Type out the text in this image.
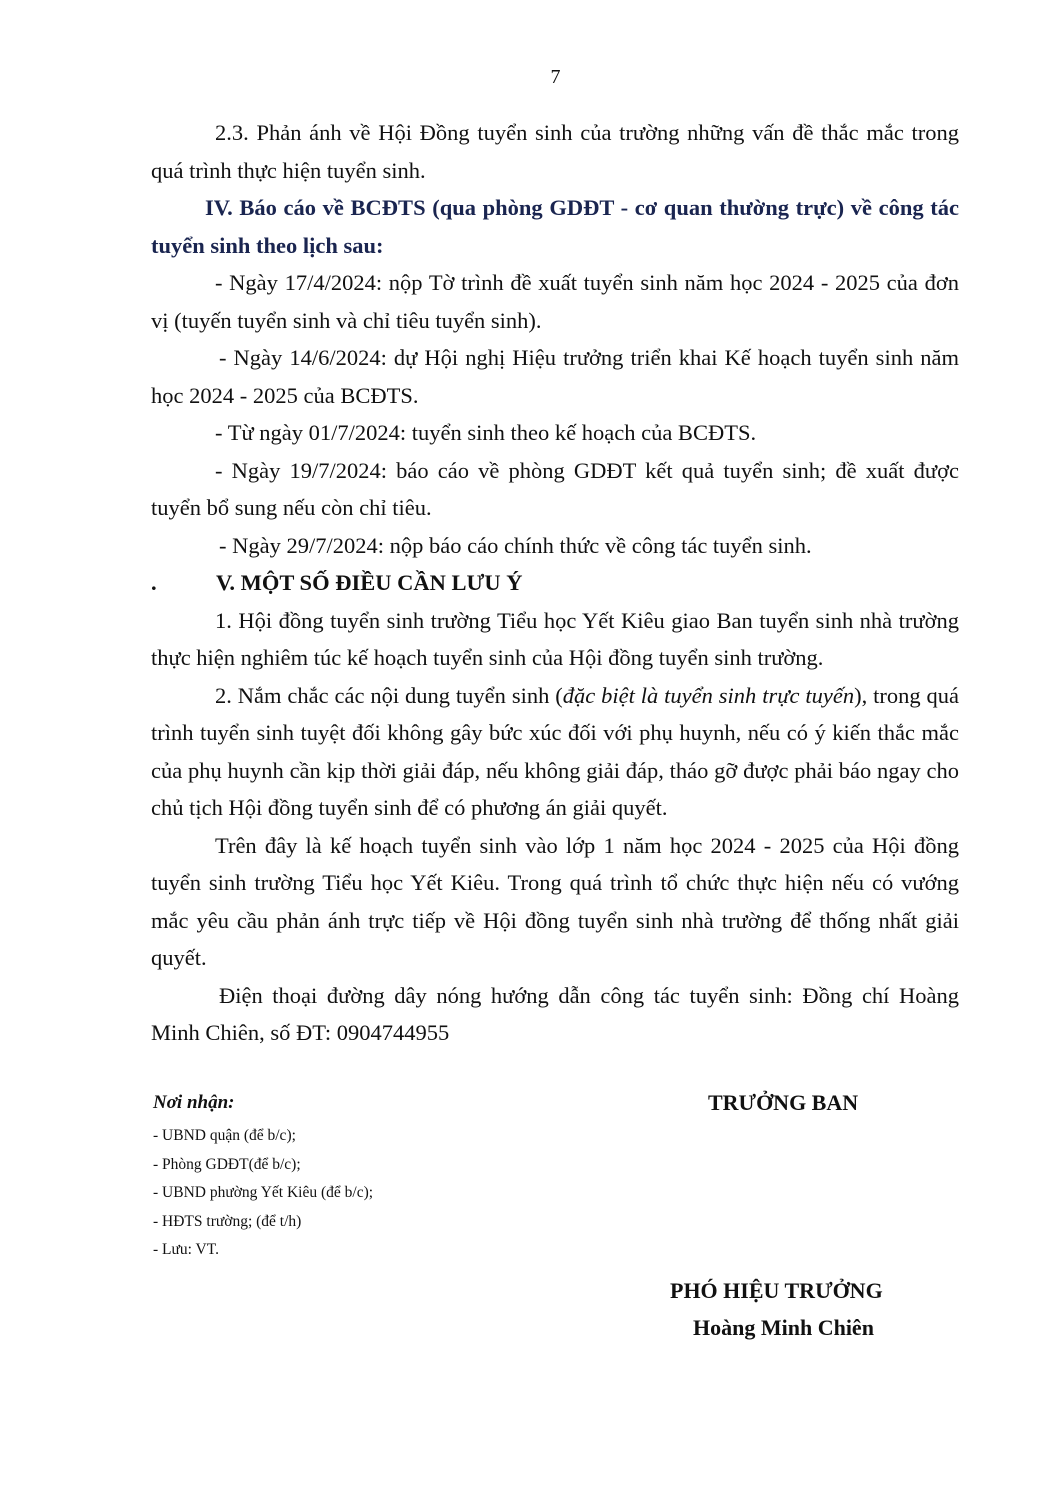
7

2.3. Phản ánh về Hội Đồng tuyển sinh của trường những vấn đề thắc mắc trong quá trình thực hiện tuyển sinh.

IV. Báo cáo về BCĐTS (qua phòng GDĐT - cơ quan thường trực) về công tác tuyển sinh theo lịch sau:

- Ngày 17/4/2024: nộp Tờ trình đề xuất tuyển sinh năm học 2024 - 2025 của đơn vị (tuyến tuyển sinh và chỉ tiêu tuyển sinh).

- Ngày 14/6/2024: dự Hội nghị Hiệu trưởng triển khai Kế hoạch tuyển sinh năm học 2024 - 2025 của BCĐTS.

- Từ ngày 01/7/2024: tuyển sinh theo kế hoạch của BCĐTS.

- Ngày 19/7/2024: báo cáo về phòng GDĐT kết quả tuyển sinh; đề xuất được tuyển bổ sung nếu còn chỉ tiêu.

- Ngày 29/7/2024: nộp báo cáo chính thức về công tác tuyển sinh.

.	V. MỘT SỐ ĐIỀU CẦN LƯU Ý

1. Hội đồng tuyển sinh trường Tiểu học Yết Kiêu giao Ban tuyển sinh nhà trường thực hiện nghiêm túc kế hoạch tuyển sinh của Hội đồng tuyển sinh trường.

2. Nắm chắc các nội dung tuyển sinh (đặc biệt là tuyển sinh trực tuyến), trong quá trình tuyển sinh tuyệt đối không gây bức xúc đối với phụ huynh, nếu có ý kiến thắc mắc của phụ huynh cần kịp thời giải đáp, nếu không giải đáp, tháo gỡ được phải báo ngay cho chủ tịch Hội đồng tuyển sinh để có phương án giải quyết.

Trên đây là kế hoạch tuyển sinh vào lớp 1 năm học 2024 - 2025 của Hội đồng tuyển sinh trường Tiểu học Yết Kiêu. Trong quá trình tổ chức thực hiện nếu có vướng mắc yêu cầu phản ánh trực tiếp về Hội đồng tuyển sinh nhà trường để thống nhất giải quyết.

Điện thoại đường dây nóng hướng dẫn công tác tuyển sinh: Đồng chí Hoàng Minh Chiên, số ĐT: 0904744955

Nơi nhận:
- UBND quận (để b/c);
- Phòng GDĐT(để b/c);
- UBND phường Yết Kiêu (để b/c);
- HĐTS trường; (để t/h)
- Lưu: VT.
TRƯỞNG BAN
PHÓ HIỆU TRƯỞNG
Hoàng Minh Chiên
